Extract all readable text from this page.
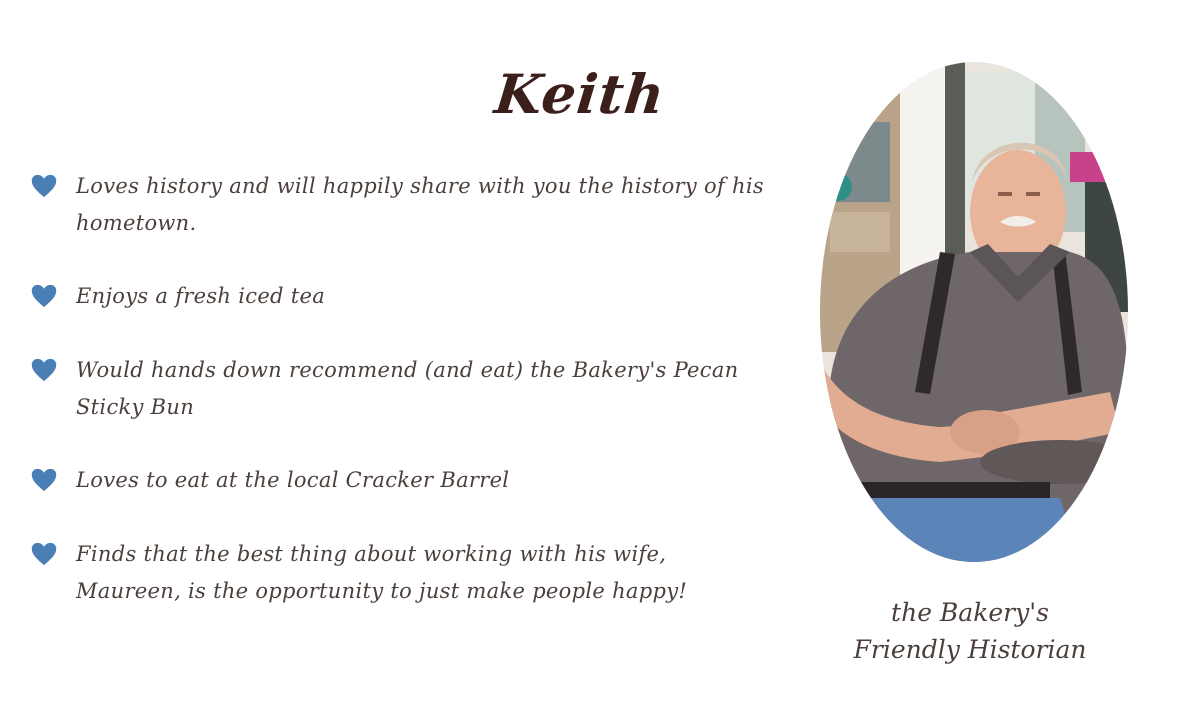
Keith
Loves history and will happily share with you the history of his hometown.
Enjoys a fresh iced tea
Would hands down recommend (and eat) the Bakery's Pecan Sticky Bun
Loves to eat at the local Cracker Barrel
Finds that the best thing about working with his wife, Maureen, is the opportunity to just make people happy!
the Bakery's
Friendly Historian
